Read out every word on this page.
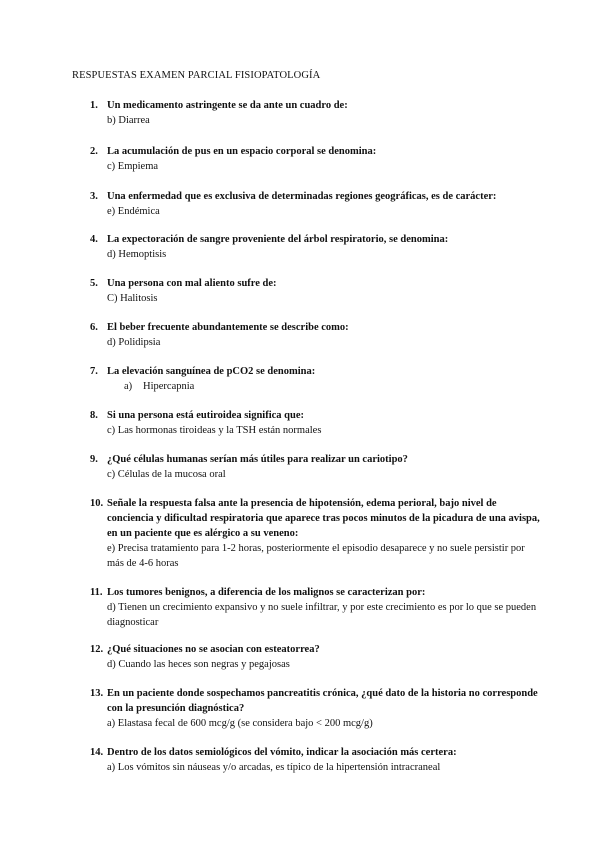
RESPUESTAS EXAMEN PARCIAL FISIOPATOLOGÍA
1. Un medicamento astringente se da ante un cuadro de:
b) Diarrea
2. La acumulación de pus en un espacio corporal se denomina:
c) Empiema
3. Una enfermedad que es exclusiva de determinadas regiones geográficas, es de carácter:
e) Endémica
4. La expectoración de sangre proveniente del árbol respiratorio, se denomina:
d) Hemoptisis
5. Una persona con mal aliento sufre de:
C) Halitosis
6. El beber frecuente abundantemente se describe como:
d) Polidipsia
7. La elevación sanguínea de pCO2 se denomina:
a) Hipercapnia
8. Si una persona está eutiroidea significa que:
c) Las hormonas tiroideas y la TSH están normales
9. ¿Qué células humanas serían más útiles para realizar un cariotipo?
c) Células de la mucosa oral
10. Señale la respuesta falsa ante la presencia de hipotensión, edema perioral, bajo nivel de conciencia y dificultad respiratoria que aparece tras pocos minutos de la picadura de una avispa, en un paciente que es alérgico a su veneno:
e) Precisa tratamiento para 1-2 horas, posteriormente el episodio desaparece y no suele persistir por más de 4-6 horas
11. Los tumores benignos, a diferencia de los malignos se caracterizan por:
d) Tienen un crecimiento expansivo y no suele infiltrar, y por este crecimiento es por lo que se pueden diagnosticar
12. ¿Qué situaciones no se asocian con esteatorrea?
d) Cuando las heces son negras y pegajosas
13. En un paciente donde sospechamos pancreatitis crónica, ¿qué dato de la historia no corresponde con la presunción diagnóstica?
a) Elastasa fecal de 600 mcg/g (se considera bajo < 200 mcg/g)
14. Dentro de los datos semiológicos del vómito, indicar la asociación más certera:
a) Los vómitos sin náuseas y/o arcadas, es típico de la hipertensión intracraneal
